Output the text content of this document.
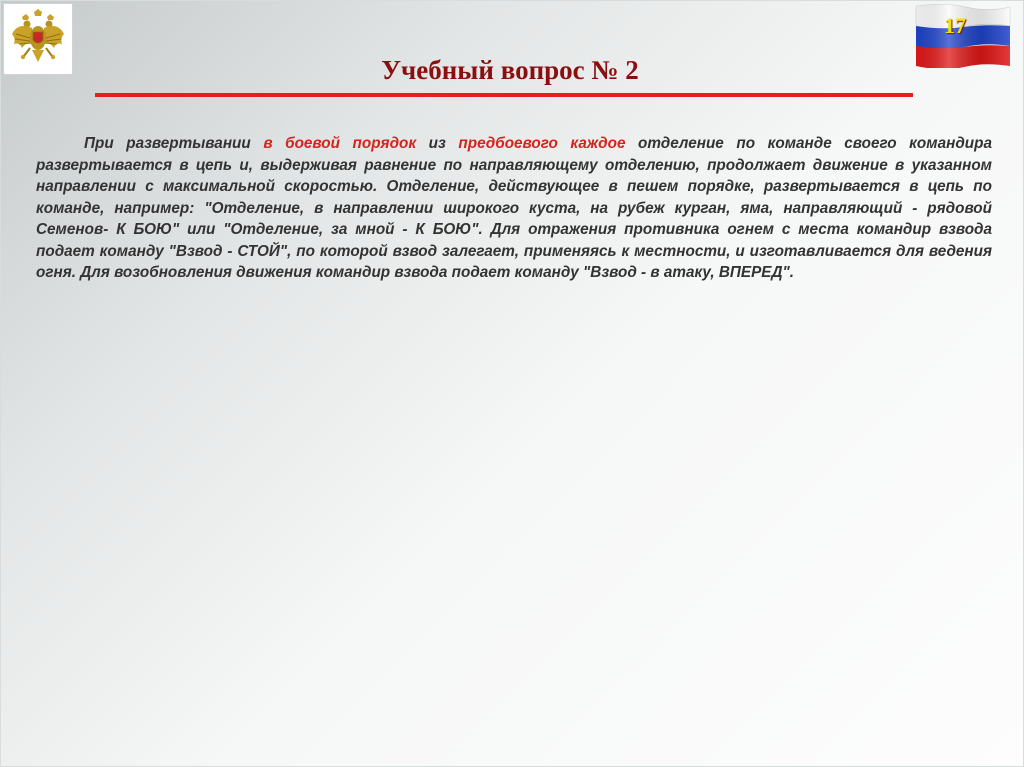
17
Учебный вопрос № 2

При развертывании в боевой порядок из предбоевого каждое отделение по команде своего командира развертывается в цепь и, выдерживая равнение по направляющему отделению, продолжает движение в указанном направлении с максимальной скоростью. Отделение, действующее в пешем порядке, развертывается в цепь по команде, например: "Отделение, в направлении широкого куста, на рубеж курган, яма, направляющий - рядовой Семенов- К БОЮ" или "Отделение, за мной - К БОЮ". Для отражения противника огнем с места командир взвода подает команду "Взвод - СТОЙ", по которой взвод залегает, применяясь к местности, и изготавливается для ведения огня. Для возобновления движения командир взвода подает команду "Взвод - в атаку, ВПЕРЕД".
